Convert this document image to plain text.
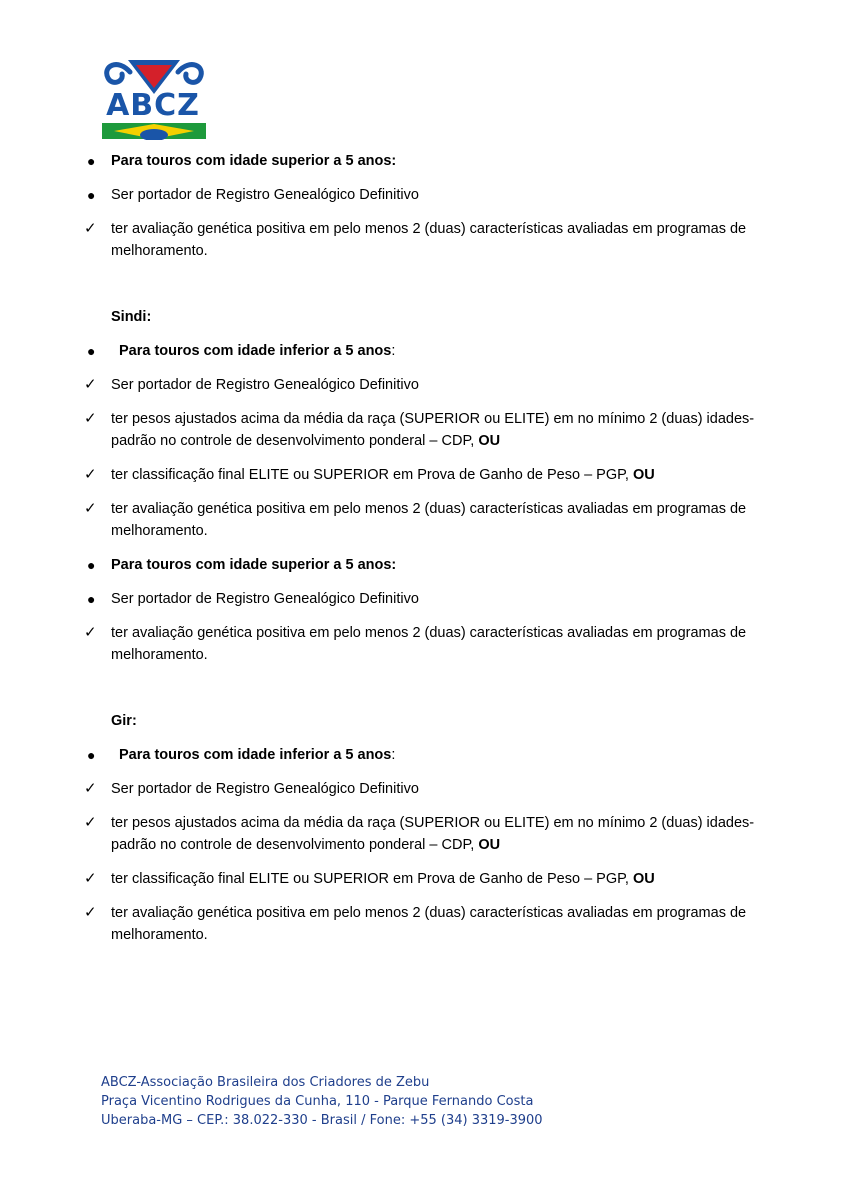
ABCZ
●	Para touros com idade superior a 5 anos:
●	Ser portador de Registro Genealógico Definitivo
✓ ter avaliação genética positiva em pelo menos 2 (duas) características avaliadas em programas de melhoramento.
Sindi:
●	Para touros com idade inferior a 5 anos:
✓ Ser portador de Registro Genealógico Definitivo
✓ ter pesos ajustados acima da média da raça (SUPERIOR ou ELITE) em no mínimo 2 (duas) idades-padrão no controle de desenvolvimento ponderal – CDP, OU
✓ ter classificação final ELITE ou SUPERIOR em Prova de Ganho de Peso – PGP, OU
✓ ter avaliação genética positiva em pelo menos 2 (duas) características avaliadas em programas de melhoramento.
●	Para touros com idade superior a 5 anos:
●	Ser portador de Registro Genealógico Definitivo
✓ ter avaliação genética positiva em pelo menos 2 (duas) características avaliadas em programas de melhoramento.
Gir:
●	Para touros com idade inferior a 5 anos:
✓ Ser portador de Registro Genealógico Definitivo
✓ ter pesos ajustados acima da média da raça (SUPERIOR ou ELITE) em no mínimo 2 (duas) idades-padrão no controle de desenvolvimento ponderal – CDP, OU
✓ ter classificação final ELITE ou SUPERIOR em Prova de Ganho de Peso – PGP, OU
✓ ter avaliação genética positiva em pelo menos 2 (duas) características avaliadas em programas de melhoramento.
ABCZ-Associação Brasileira dos Criadores de Zebu
Praça Vicentino Rodrigues da Cunha, 110 - Parque Fernando Costa
Uberaba-MG – CEP.: 38.022-330 - Brasil / Fone: +55 (34) 3319-3900
